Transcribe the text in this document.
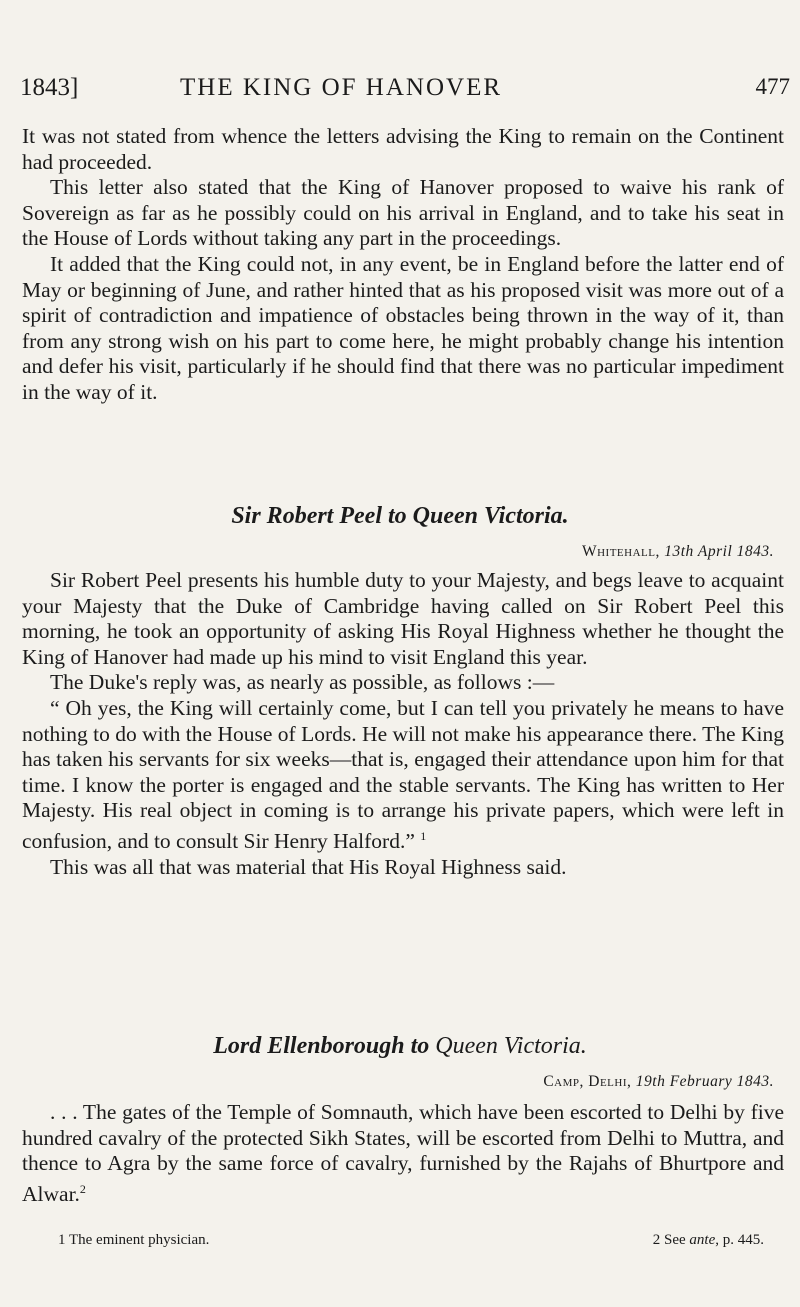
1843]	THE KING OF HANOVER	477

It was not stated from whence the letters advising the King to remain on the Continent had proceeded.

This letter also stated that the King of Hanover proposed to waive his rank of Sovereign as far as he possibly could on his arrival in England, and to take his seat in the House of Lords without taking any part in the proceedings.

It added that the King could not, in any event, be in England before the latter end of May or beginning of June, and rather hinted that as his proposed visit was more out of a spirit of contradiction and impatience of obstacles being thrown in the way of it, than from any strong wish on his part to come here, he might probably change his intention and defer his visit, particularly if he should find that there was no particular impediment in the way of it.

Sir Robert Peel to Queen Victoria.
Whitehall, 13th April 1843.

Sir Robert Peel presents his humble duty to your Majesty, and begs leave to acquaint your Majesty that the Duke of Cambridge having called on Sir Robert Peel this morning, he took an opportunity of asking His Royal Highness whether he thought the King of Hanover had made up his mind to visit England this year.

The Duke's reply was, as nearly as possible, as follows :—

“ Oh yes, the King will certainly come, but I can tell you privately he means to have nothing to do with the House of Lords. He will not make his appearance there. The King has taken his servants for six weeks—that is, engaged their attendance upon him for that time. I know the porter is engaged and the stable servants. The King has written to Her Majesty. His real object in coming is to arrange his private papers, which were left in confusion, and to consult Sir Henry Halford.” $^1$

This was all that was material that His Royal Highness said.

Lord Ellenborough to Queen Victoria.
Camp, Delhi, 19th February 1843.

. . . The gates of the Temple of Somnauth, which have been escorted to Delhi by five hundred cavalry of the protected Sikh States, will be escorted from Delhi to Muttra, and thence to Agra by the same force of cavalry, furnished by the Rajahs of Bhurtpore and Alwar.$^2$

1 The eminent physician.	2 See ante, p. 445.
